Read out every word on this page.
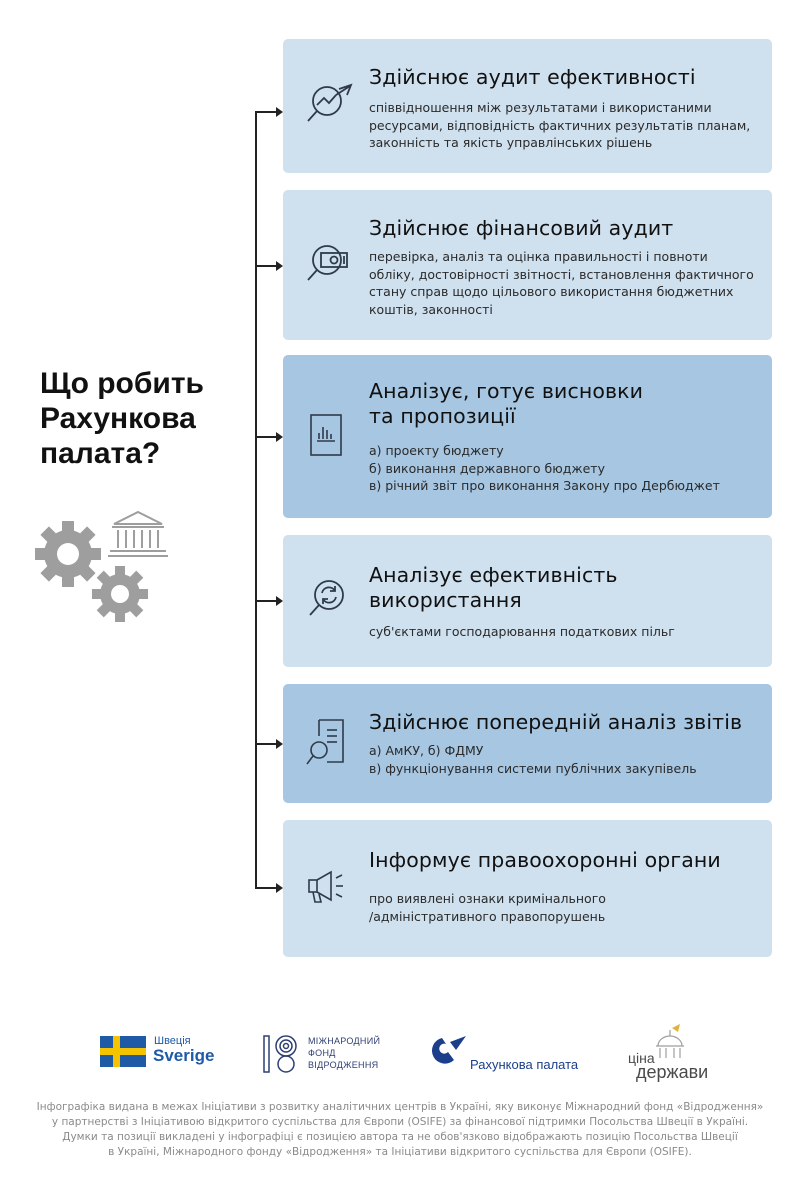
Що робить
Рахункова
палата?
Здійснює аудит ефективності
співвідношення між результатами і використаними
ресурсами, відповідність фактичних результатів планам,
законність та якість управлінських рішень
Здійснює фінансовий аудит
перевірка, аналіз та оцінка правильності і повноти
обліку, достовірності звітності, встановлення фактичного
стану справ щодо цільового використання бюджетних
коштів, законності
Аналізує, готує висновки
та пропозиції
а) проекту бюджету
б) виконання державного бюджету
в) річний звіт про виконання Закону про Дербюджет
Аналізує ефективність
використання
суб'єктами господарювання податкових пільг
Здійснює попередній аналіз звітів
а) АмКУ, б) ФДМУ
в) функціонування системи публічних закупівель
Інформує правоохоронні органи
про виявлені ознаки кримінального
/адміністративного правопорушень
Швеція
Sverige
МІЖНАРОДНИЙ
ФОНД
ВІДРОДЖЕННЯ	Рахункова палата	ціна
держави
Інфографіка видана в межах Ініціативи з розвитку аналітичних центрів в Україні, яку виконує Міжнародний фонд «Відродження»
у партнерстві з Ініціативою відкритого суспільства для Європи (OSIFE) за фінансової підтримки Посольства Швеції в Україні.
Думки та позиції викладені у інфографіці є позицією автора та не обов'язково відображають позицію Посольства Швеції
в Україні, Міжнародного фонду «Відродження» та Ініціативи відкритого суспільства для Європи (OSIFE).
